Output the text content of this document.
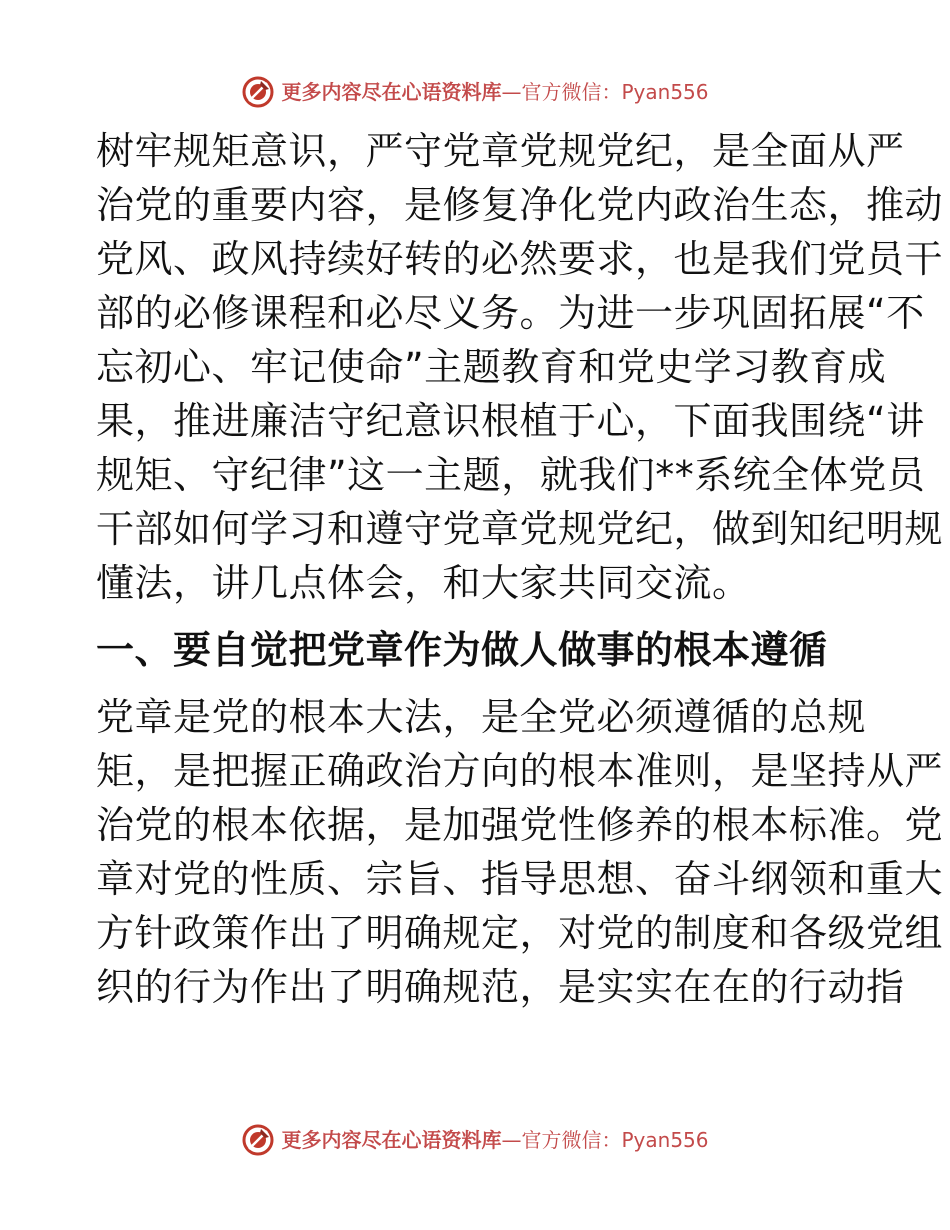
更多内容尽在心语资料库—官方微信：Pyan556

树牢规矩意识，严守党章党规党纪，是全面从严
治党的重要内容，是修复净化党内政治生态，推动
党风、政风持续好转的必然要求，也是我们党员干
部的必修课程和必尽义务。为进一步巩固拓展“不
忘初心、牢记使命”主题教育和党史学习教育成
果，推进廉洁守纪意识根植于心，下面我围绕“讲
规矩、守纪律”这一主题，就我们**系统全体党员
干部如何学习和遵守党章党规党纪，做到知纪明规
懂法，讲几点体会，和大家共同交流。

一、要自觉把党章作为做人做事的根本遵循

党章是党的根本大法，是全党必须遵循的总规
矩，是把握正确政治方向的根本准则，是坚持从严
治党的根本依据，是加强党性修养的根本标准。党
章对党的性质、宗旨、指导思想、奋斗纲领和重大
方针政策作出了明确规定，对党的制度和各级党组
织的行为作出了明确规范，是实实在在的行动指

更多内容尽在心语资料库—官方微信：Pyan556
